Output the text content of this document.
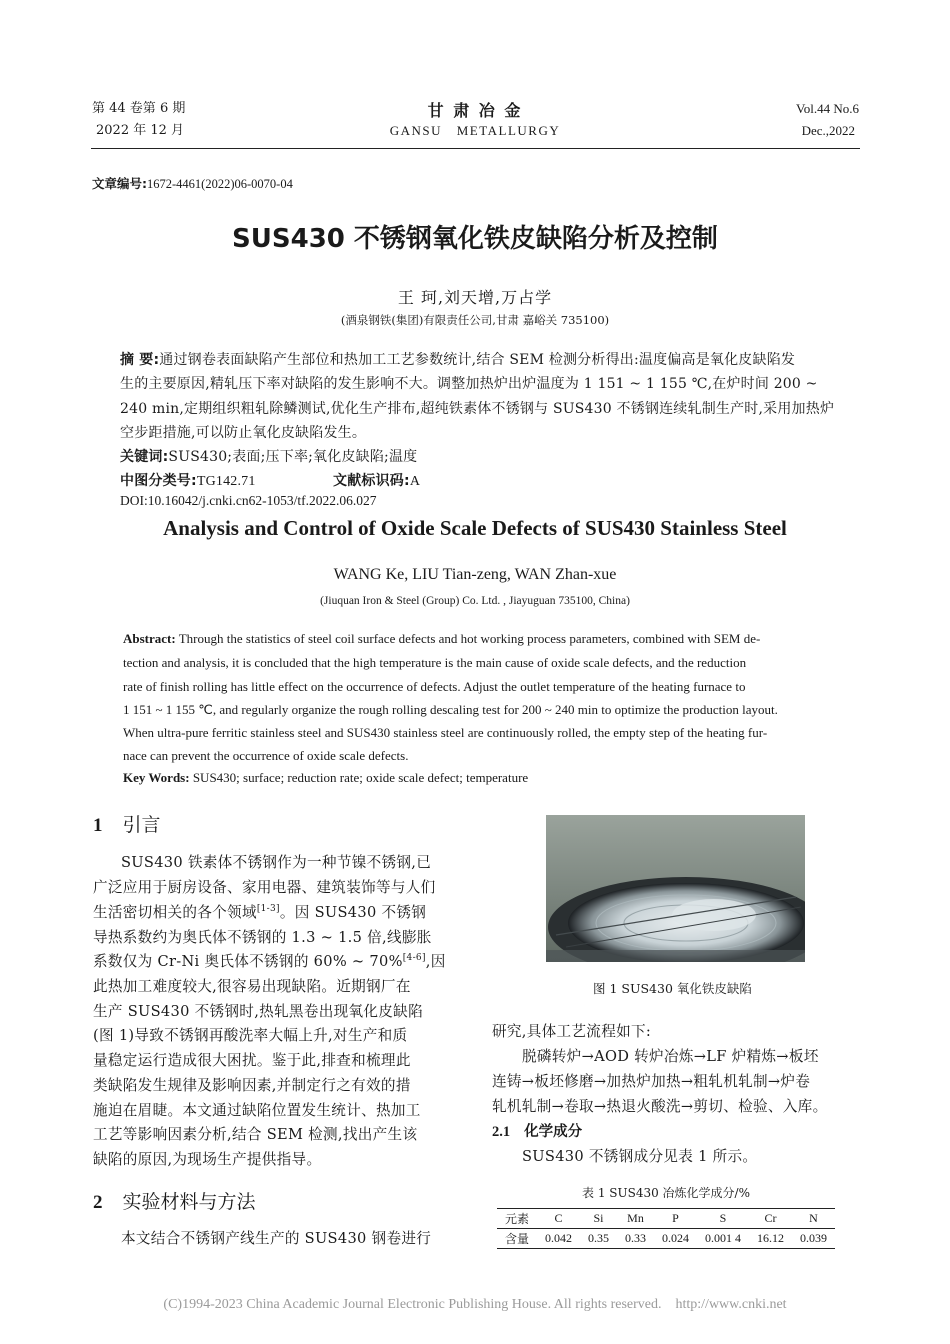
第 44 卷第 6 期
2022 年 12 月
甘 肃 冶 金
GANSU METALLURGY
Vol.44 No.6
Dec.,2022
文章编号:1672-4461(2022)06-0070-04
SUS430 不锈钢氧化铁皮缺陷分析及控制
王 珂,刘天增,万占学
(酒泉钢铁(集团)有限责任公司,甘肃 嘉峪关 735100)
摘 要:通过钢卷表面缺陷产生部位和热加工工艺参数统计,结合 SEM 检测分析得出:温度偏高是氧化皮缺陷发
生的主要原因,精轧压下率对缺陷的发生影响不大。调整加热炉出炉温度为 1 151 ~ 1 155 ℃,在炉时间 200 ~
240 min,定期组织粗轧除鳞测试,优化生产排布,超纯铁素体不锈钢与 SUS430 不锈钢连续轧制生产时,采用加热炉
空步距措施,可以防止氧化皮缺陷发生。
关键词:SUS430;表面;压下率;氧化皮缺陷;温度
中图分类号:TG142.71	文献标识码:A
DOI:10.16042/j.cnki.cn62-1053/tf.2022.06.027
Analysis and Control of Oxide Scale Defects of SUS430 Stainless Steel
WANG Ke, LIU Tian-zeng, WAN Zhan-xue
(Jiuquan Iron & Steel (Group) Co. Ltd. , Jiayuguan 735100, China)
Abstract: Through the statistics of steel coil surface defects and hot working process parameters, combined with SEM de-
tection and analysis, it is concluded that the high temperature is the main cause of oxide scale defects, and the reduction
rate of finish rolling has little effect on the occurrence of defects. Adjust the outlet temperature of the heating furnace to
1 151 ~ 1 155 ℃, and regularly organize the rough rolling descaling test for 200 ~ 240 min to optimize the production layout.
When ultra-pure ferritic stainless steel and SUS430 stainless steel are continuously rolled, the empty step of the heating fur-
nace can prevent the occurrence of oxide scale defects.
Key Words: SUS430; surface; reduction rate; oxide scale defect; temperature
1 引言
SUS430 铁素体不锈钢作为一种节镍不锈钢,已
广泛应用于厨房设备、家用电器、建筑装饰等与人们
生活密切相关的各个领域[1-3]。因 SUS430 不锈钢
导热系数约为奥氏体不锈钢的 1.3 ~ 1.5 倍,线膨胀
系数仅为 Cr-Ni 奥氏体不锈钢的 60% ~ 70%[4-6],因
此热加工难度较大,很容易出现缺陷。近期钢厂在
生产 SUS430 不锈钢时,热轧黑卷出现氧化皮缺陷
(图 1)导致不锈钢再酸洗率大幅上升,对生产和质
量稳定运行造成很大困扰。鉴于此,排查和梳理此
类缺陷发生规律及影响因素,并制定行之有效的措
施迫在眉睫。本文通过缺陷位置发生统计、热加工
工艺等影响因素分析,结合 SEM 检测,找出产生该
缺陷的原因,为现场生产提供指导。
2 实验材料与方法
本文结合不锈钢产线生产的 SUS430 钢卷进行
图 1 SUS430 氧化铁皮缺陷
研究,具体工艺流程如下:
脱磷转炉→AOD 转炉冶炼→LF 炉精炼→板坯
连铸→板坯修磨→加热炉加热→粗轧机轧制→炉卷
轧机轧制→卷取→热退火酸洗→剪切、检验、入库。
2.1 化学成分
SUS430 不锈钢成分见表 1 所示。
表 1 SUS430 冶炼化学成分/%
元素	C	Si	Mn	P	S	Cr	N
含量	0.042	0.35	0.33	0.024	0.001 4	16.12	0.039
(C)1994-2023 China Academic Journal Electronic Publishing House. All rights reserved.    http://www.cnki.net
